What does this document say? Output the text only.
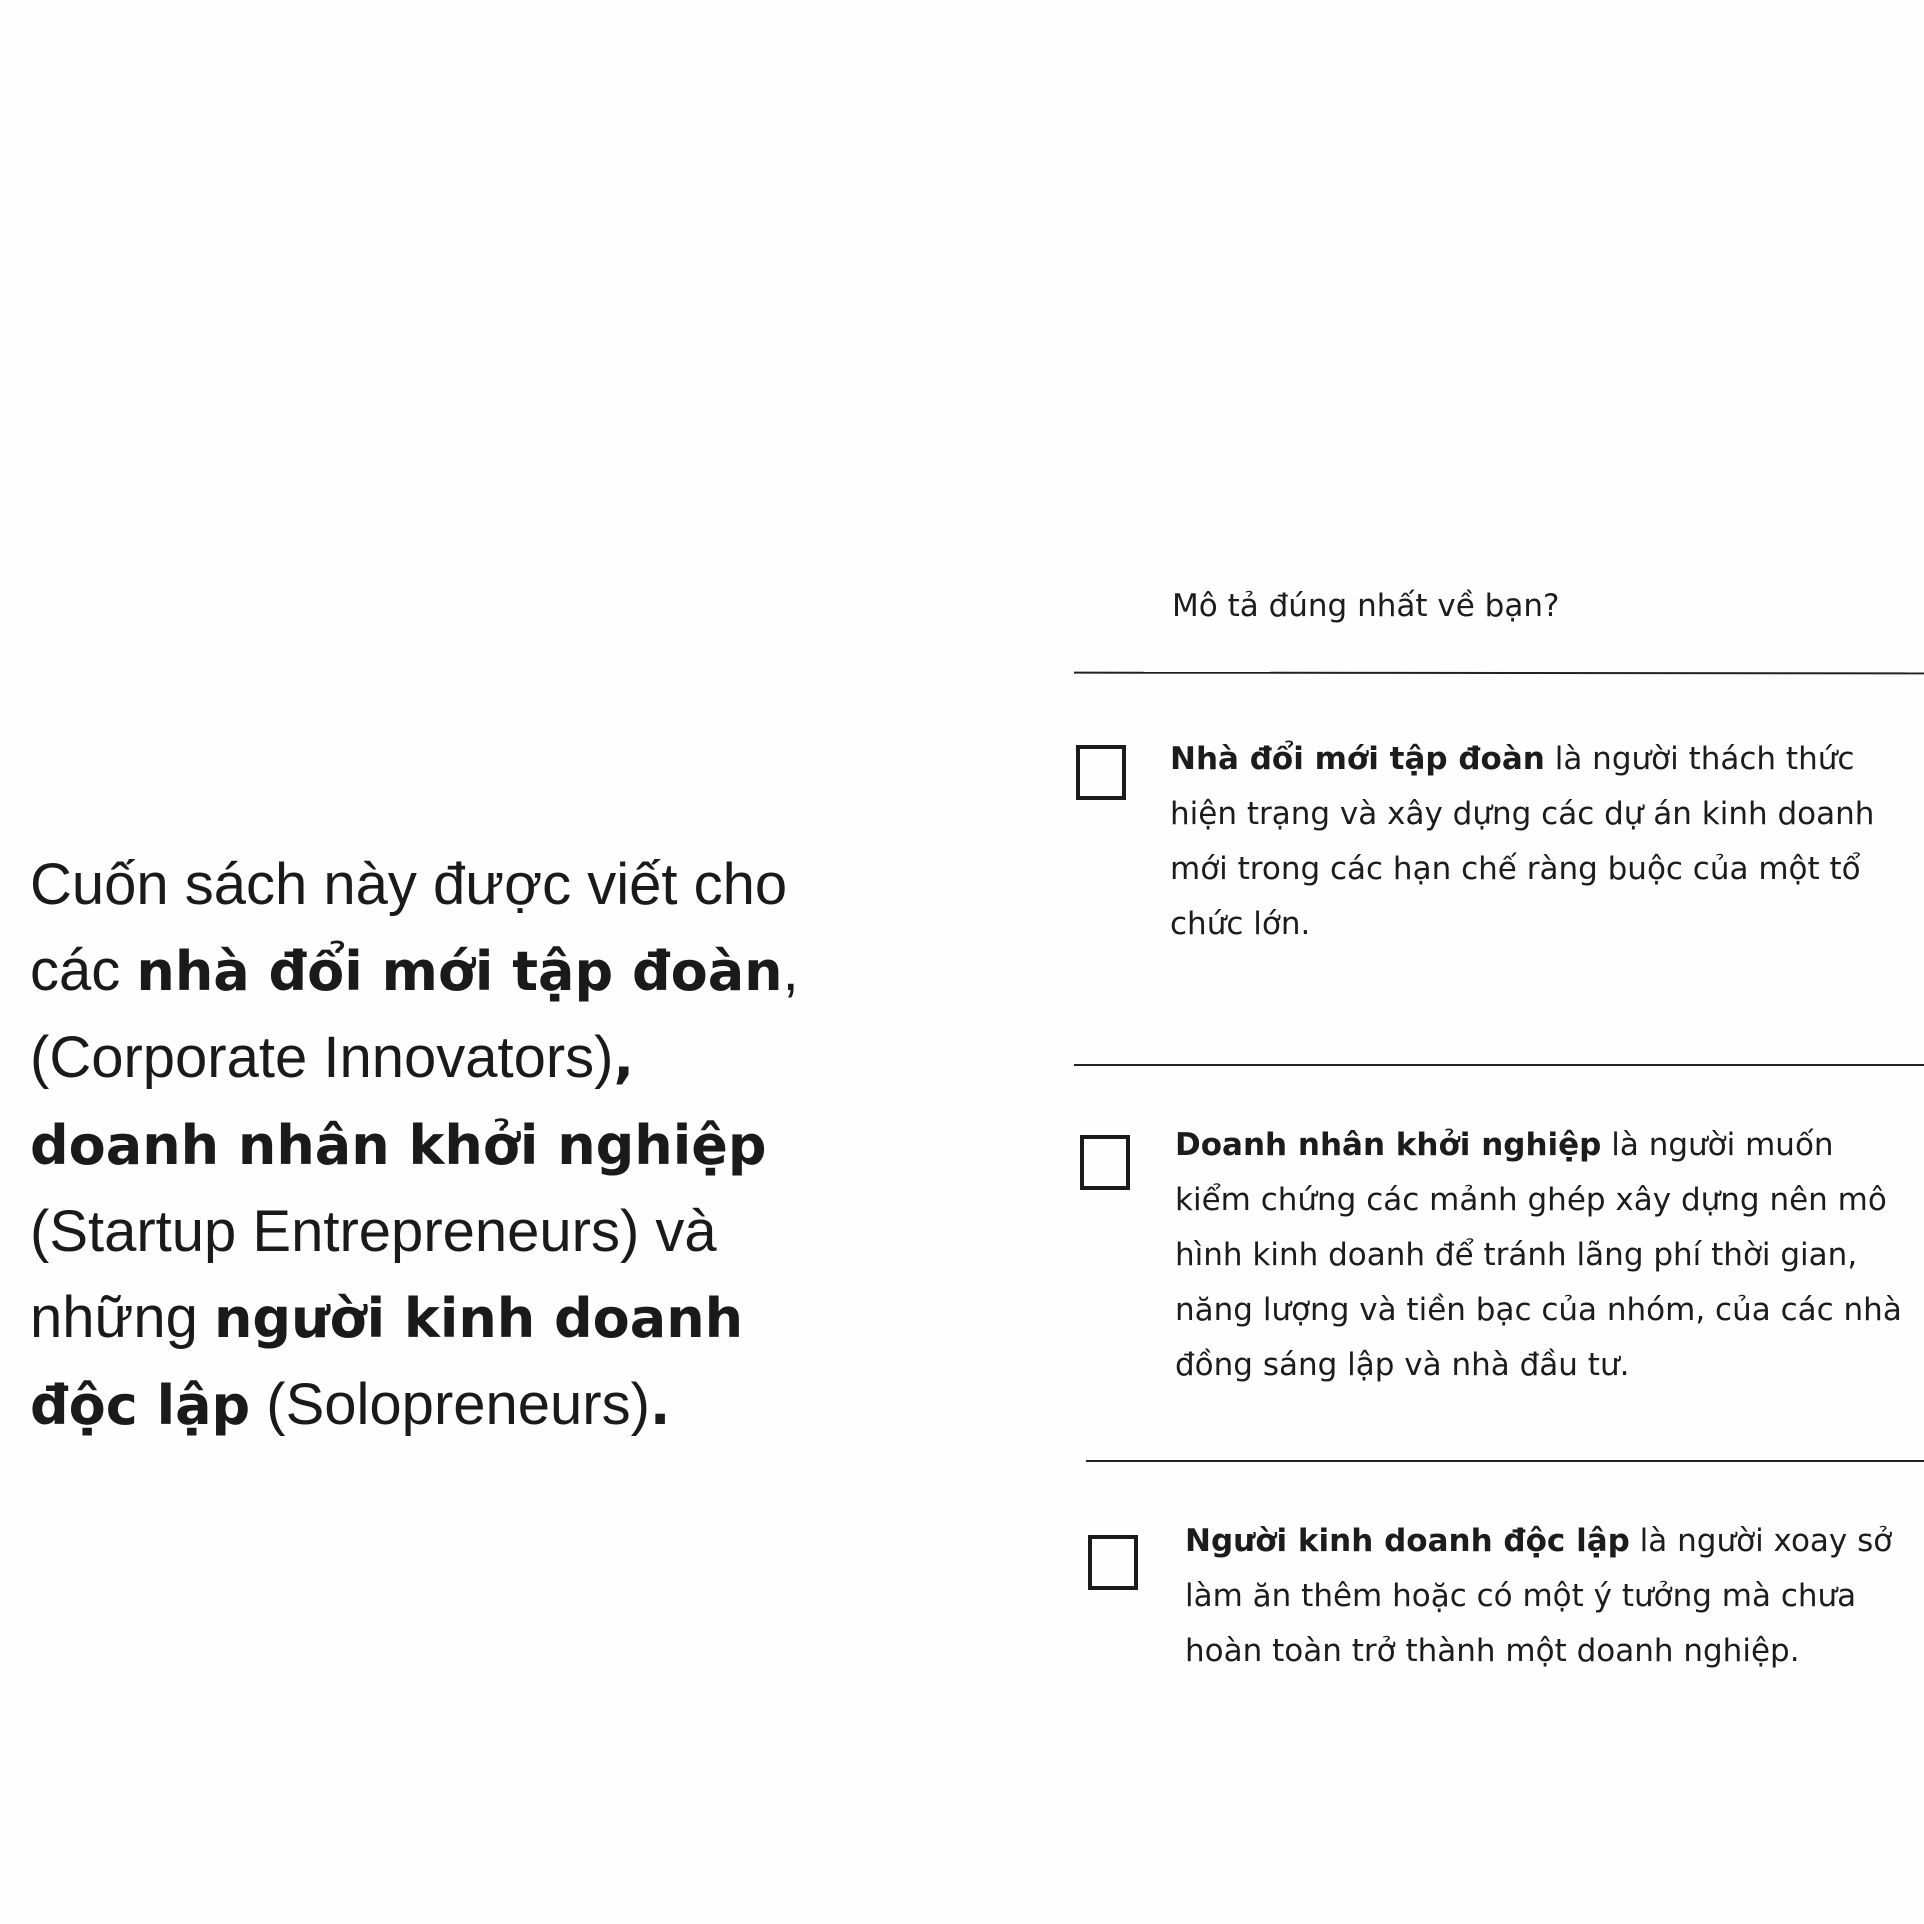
Cuốn sách này được viết cho các nhà đổi mới tập đoàn, (Corporate Innovators), doanh nhân khởi nghiệp (Startup Entrepreneurs) và những người kinh doanh độc lập (Solopreneurs).
Mô tả đúng nhất về bạn?
Nhà đổi mới tập đoàn là người thách thức hiện trạng và xây dựng các dự án kinh doanh mới trong các hạn chế ràng buộc của một tổ chức lớn.
Doanh nhân khởi nghiệp là người muốn kiểm chứng các mảnh ghép xây dựng nên mô hình kinh doanh để tránh lãng phí thời gian, năng lượng và tiền bạc của nhóm, của các nhà đồng sáng lập và nhà đầu tư.
Người kinh doanh độc lập là người xoay sở làm ăn thêm hoặc có một ý tưởng mà chưa hoàn toàn trở thành một doanh nghiệp.
